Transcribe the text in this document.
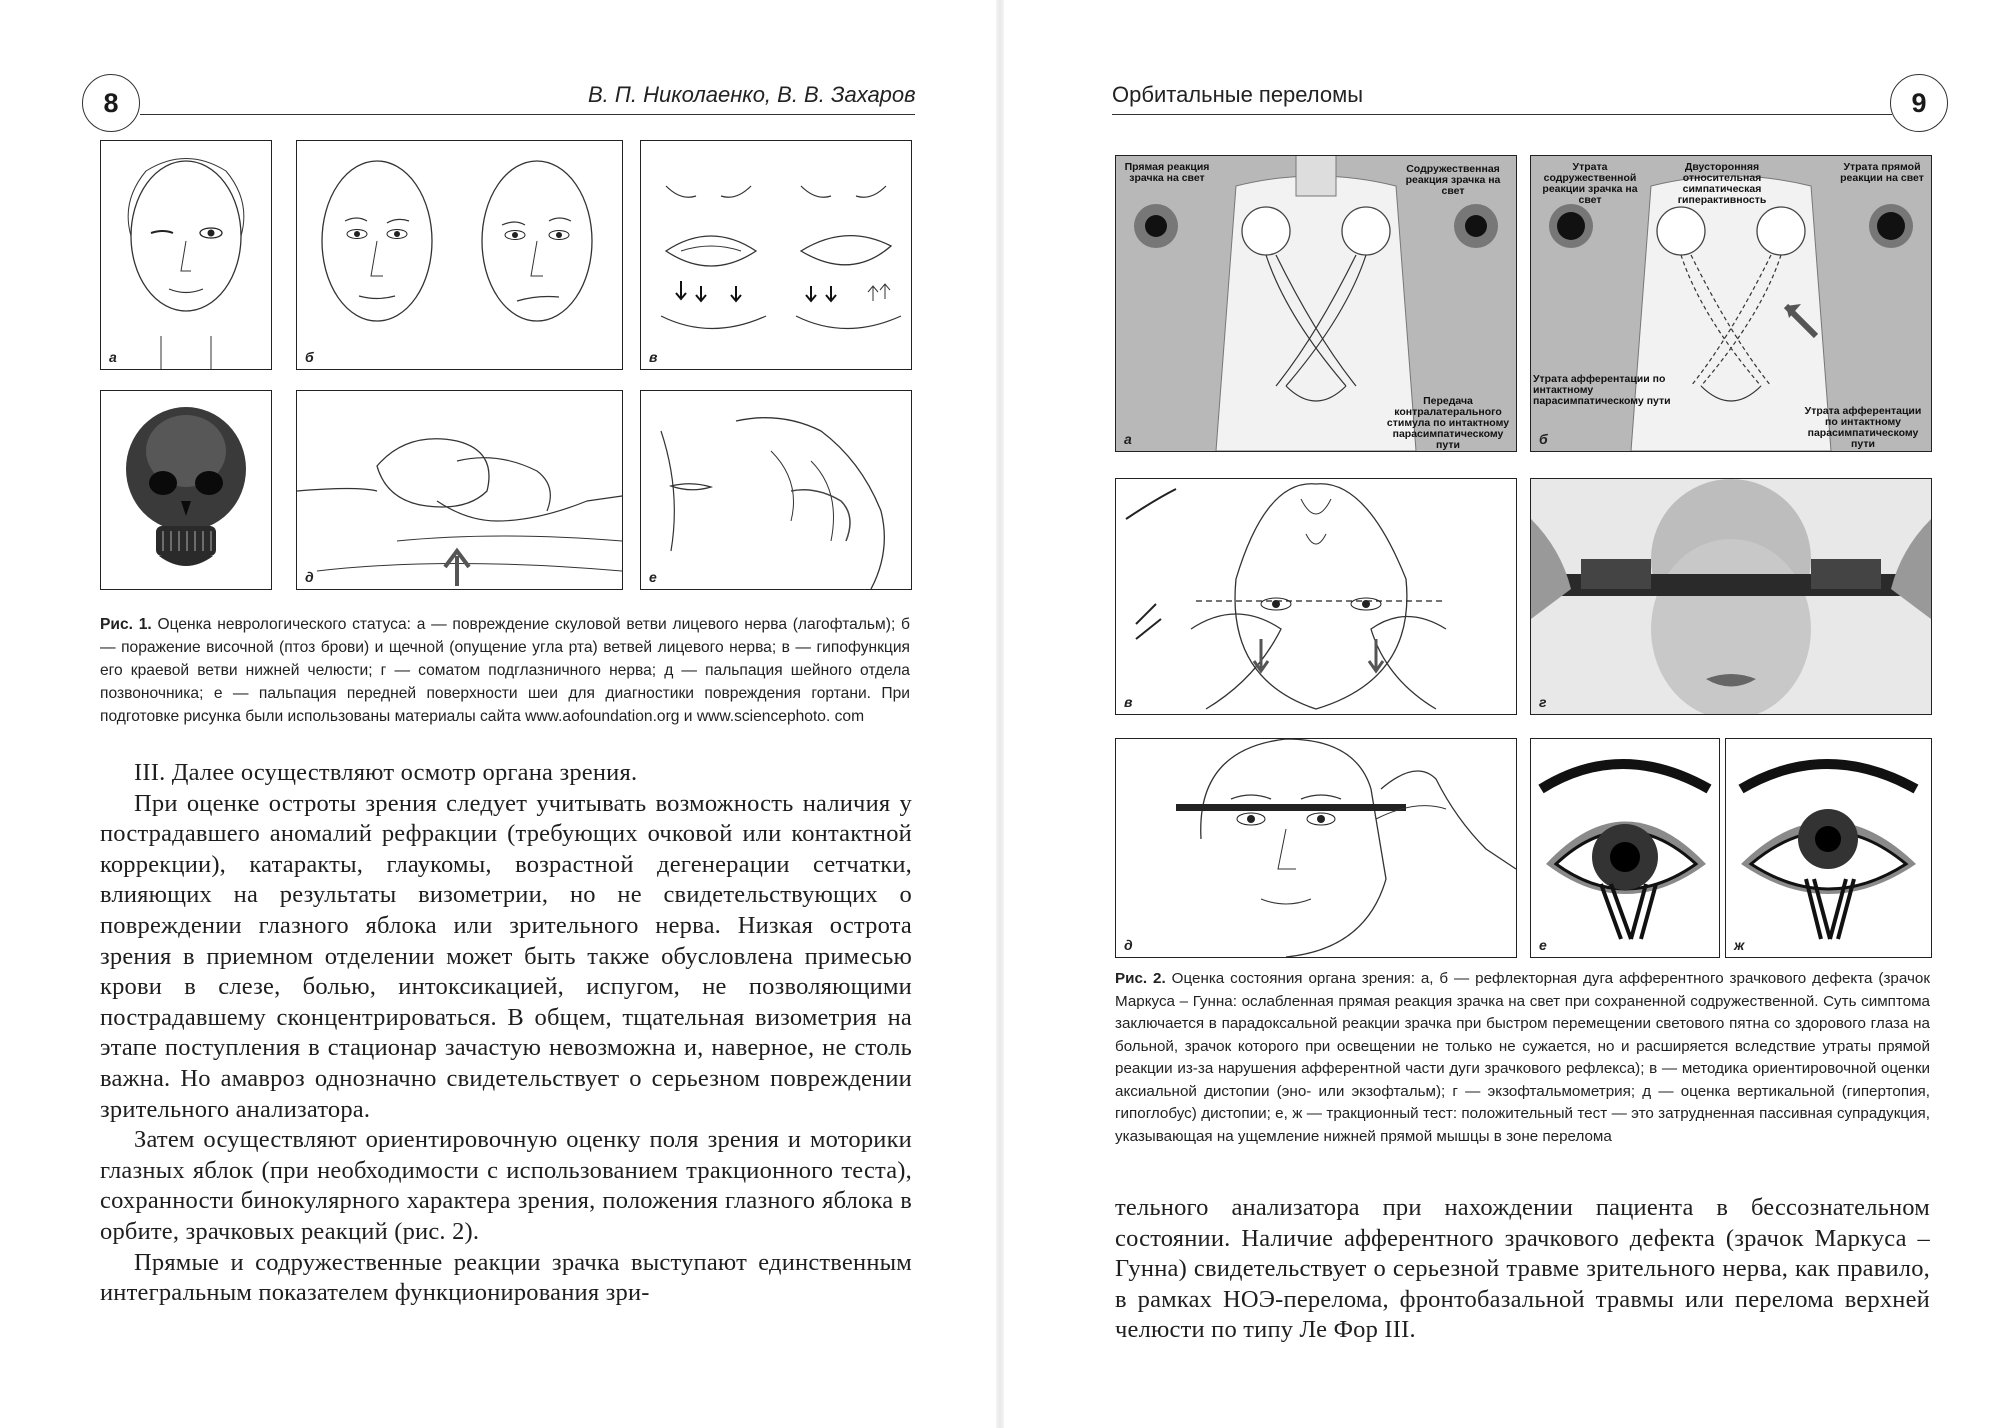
8	В. П. Николаенко, В. В. Захаров
а	б	в
г	д	е
Рис. 1. Оценка неврологического статуса: а — повреждение скуловой ветви лицевого нерва (лагофтальм); б — поражение височной (птоз брови) и щечной (опущение угла рта) ветвей лицевого нерва; в — гипофункция его краевой ветви нижней челюсти; г — соматом подглазничного нерва; д — пальпация шейного отдела позвоночника; е — пальпация передней поверхности шеи для диагностики повреждения гортани. При подготовке рисунка были использованы материалы сайта www.aofoundation.org и www.sciencephoto. com

III. Далее осуществляют осмотр органа зрения.

При оценке остроты зрения следует учитывать возможность наличия у пострадавшего аномалий рефракции (требующих очковой или контактной коррекции), катаракты, глаукомы, возрастной дегенерации сетчатки, влияющих на результаты визометрии, но не свидетельствующих о повреждении глазного яблока или зрительного нерва. Низкая острота зрения в приемном отделении может быть также обусловлена примесью крови в слезе, болью, интоксикацией, испугом, не позволяющими пострадавшему сконцентрироваться. В общем, тщательная визометрия на этапе поступления в стационар зачастую невозможна и, наверное, не столь важна. Но амавроз однозначно свидетельствует о серьезном повреждении зрительного анализатора.

Затем осуществляют ориентировочную оценку поля зрения и моторики глазных яблок (при необходимости с использованием тракционного теста), сохранности бинокулярного характера зрения, положения глазного яблока в орбите, зрачковых реакций (рис. 2).

Прямые и содружественные реакции зрачка выступают единственным интегральным показателем функционирования зри-

Орбитальные переломы	9
Прямая реакция зрачка на свет
Содружественная реакция зрачка на свет
Передача контралатерального стимула по интактному парасимпатическому пути
а
Утрата содружественной реакции зрачка на свет
Двусторонняя относительная симпатическая гиперактивность
Утрата прямой реакции на свет
Утрата афферентации по интактному парасимпатическому пути
Утрата афферентации по интактному парасимпатическому пути
б
в	г
д	е	ж
Рис. 2. Оценка состояния органа зрения: а, б — рефлекторная дуга афферентного зрачкового дефекта (зрачок Маркуса – Гунна: ослабленная прямая реакция зрачка на свет при сохраненной содружественной. Суть симптома заключается в парадоксальной реакции зрачка при быстром перемещении светового пятна со здорового глаза на больной, зрачок которого при освещении не только не сужается, но и расширяется вследствие утраты прямой реакции из-за нарушения афферентной части дуги зрачкового рефлекса); в — методика ориентировочной оценки аксиальной дистопии (эно- или экзофтальм); г — экзофтальмометрия; д — оценка вертикальной (гипертопия, гипоглобус) дистопии; е, ж — тракционный тест: положительный тест — это затрудненная пассивная супрадукция, указывающая на ущемление нижней прямой мышцы в зоне перелома

тельного анализатора при нахождении пациента в бессознательном состоянии. Наличие афферентного зрачкового дефекта (зрачок Маркуса – Гунна) свидетельствует о серьезной травме зрительного нерва, как правило, в рамках НОЭ-перелома, фронтобазальной травмы или перелома верхней челюсти по типу Ле Фор III.
